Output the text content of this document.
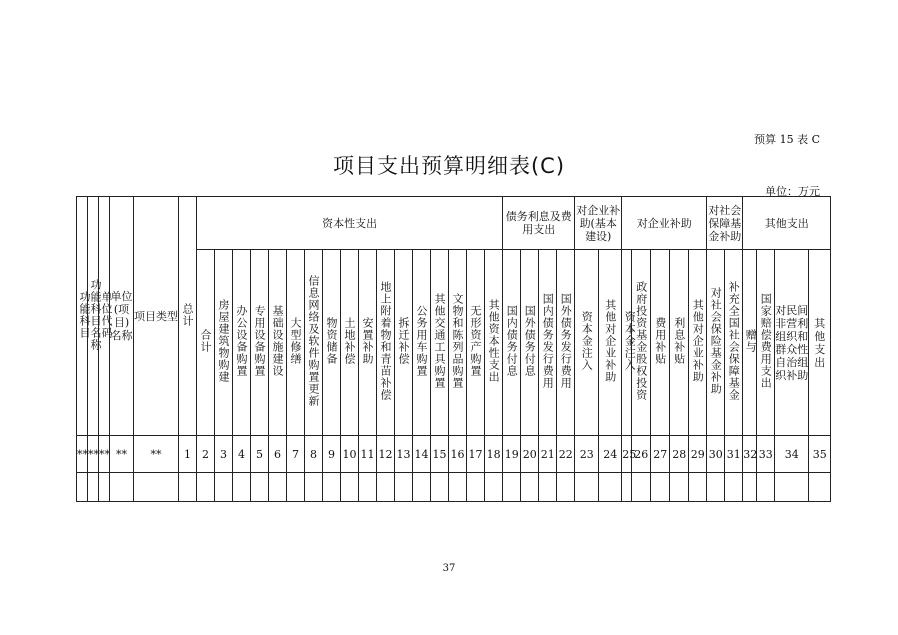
预算 15 表 C
项目支出预算明细表(C)
单位：万元
功能科目	功能科目名称	单位代码	单位(项目)名称	项目类型	总计	资本性支出																	债务利息及费用支出				对企业补助(基本建设)		对企业补助					对社会保障基金补助		其他支出			
						合计	房屋建筑物购建	办公设备购置	专用设备购置	基础设施建设	大型修缮	信息网络及软件购置更新	物资储备	土地补偿	安置补助	地上附着物和青苗补偿	拆迁补偿	公务用车购置	其他交通工具购置	文物和陈列品购置	无形资产购置	其他资本性支出	国内债务付息	国外债务付息	国内债务发行费用	国外债务发行费用	资本金注入	其他对企业补助	资本金注入	政府投资基金股权投资	费用补贴	利息补贴	其他对企业补助	对社会保险基金补助	补充全国社会保障基金	赠与	国家赔偿费用支出	对民间非营利组织和群众性自治组织补助	其他支出
**	**	**	**	**	1	2	3	4	5	6	7	8	9	10	11	12	13	14	15	16	17	18	19	20	21	22	23	24	25	26	27	28	29	30	31	32	33	34	35

37
